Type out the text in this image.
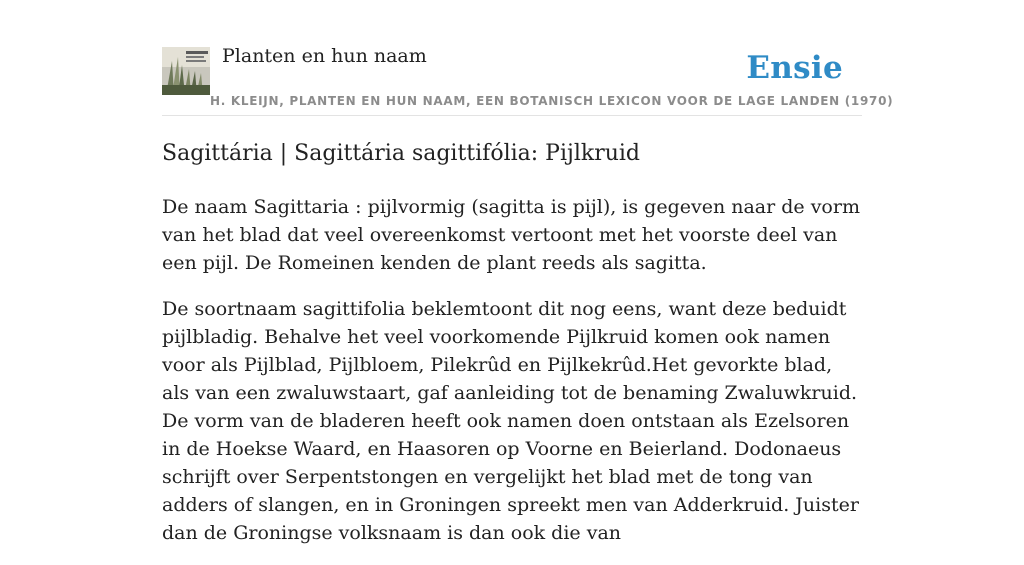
Planten en hun naam	Ensie
H. KLEIJN, PLANTEN EN HUN NAAM, EEN BOTANISCH LEXICON VOOR DE LAGE LANDEN (1970)
Sagittária | Sagittária sagittifólia: Pijlkruid

De naam Sagittaria : pijlvormig (sagitta is pijl), is gegeven naar de vorm van het blad dat veel overeenkomst vertoont met het voorste deel van een pijl. De Romeinen kenden de plant reeds als sagitta.

De soortnaam sagittifolia beklemtoont dit nog eens, want deze beduidt pijlbladig. Behalve het veel voorkomende Pijlkruid komen ook namen voor als Pijlblad, Pijlbloem, Pilekrûd en Pijlkekrûd.Het gevorkte blad, als van een zwaluwstaart, gaf aanleiding tot de benaming Zwaluwkruid. De vorm van de bladeren heeft ook namen doen ontstaan als Ezelsoren in de Hoekse Waard, en Haasoren op Voorne en Beierland. Dodonaeus schrijft over Serpentstongen en vergelijkt het blad met de tong van adders of slangen, en in Groningen spreekt men van Adderkruid. Juister dan de Groningse volksnaam is dan ook die van
